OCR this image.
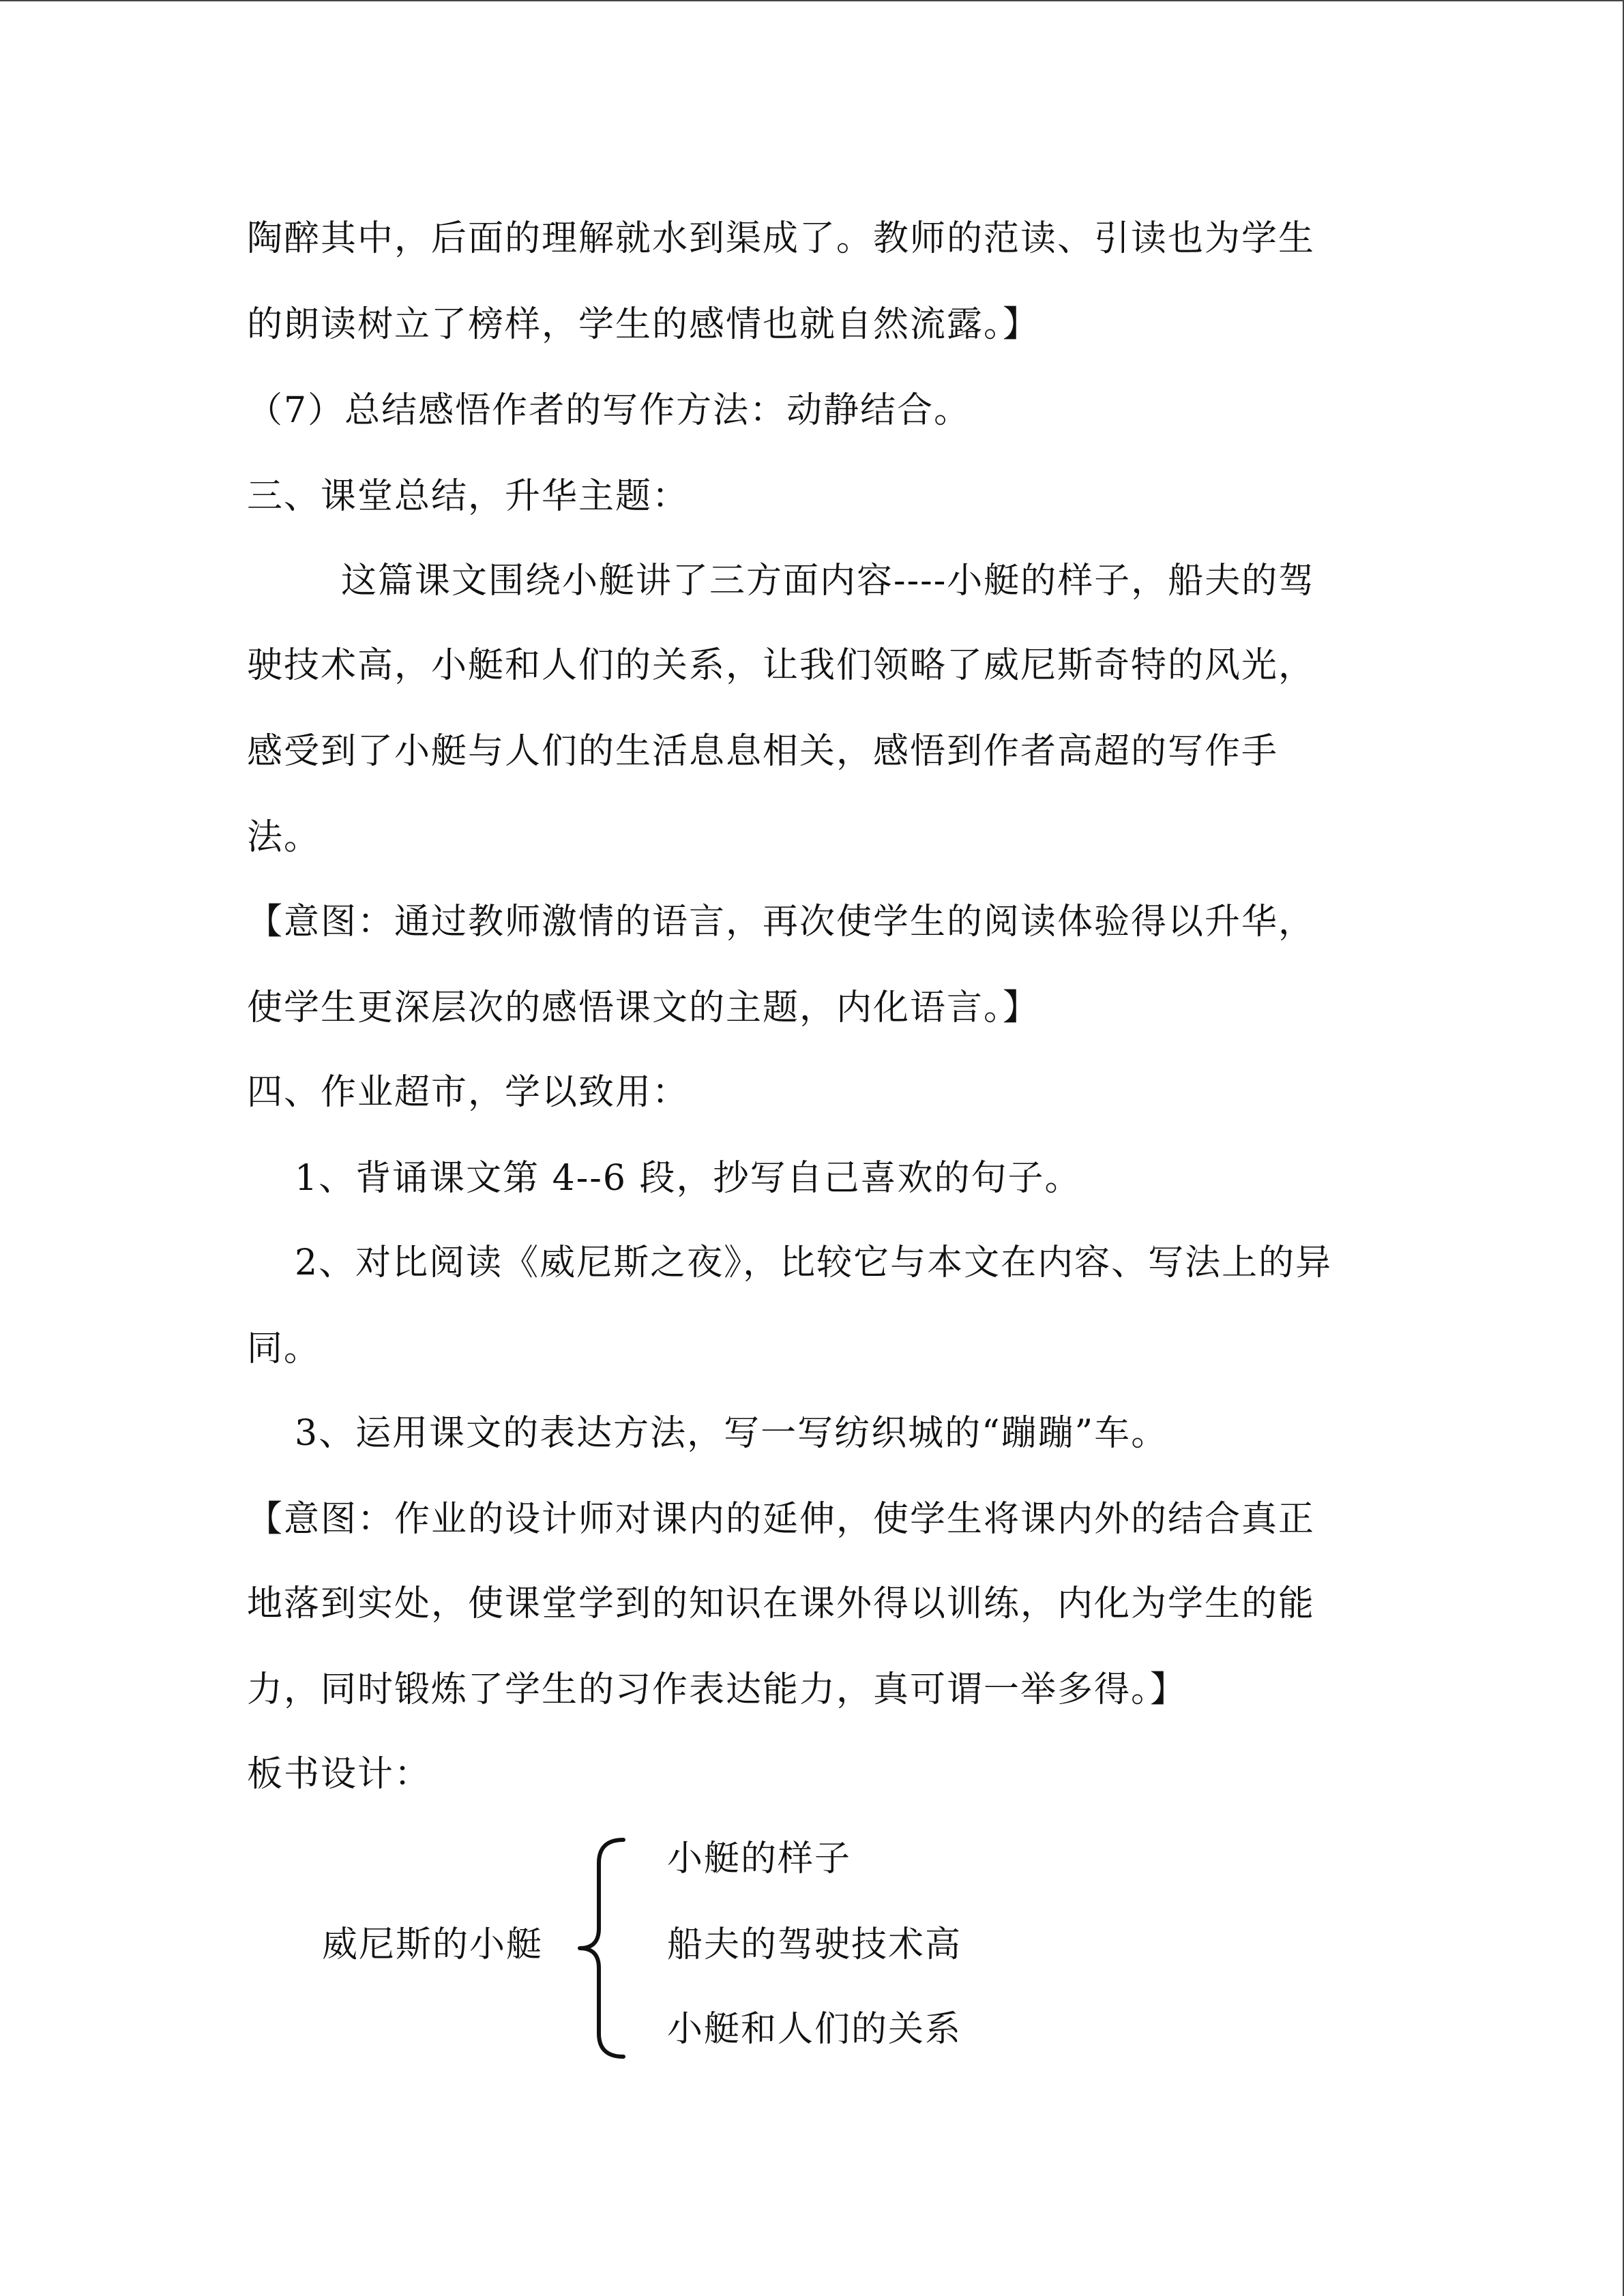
陶醉其中，后面的理解就水到渠成了。教师的范读、引读也为学生
的朗读树立了榜样，学生的感情也就自然流露。】
（7）总结感悟作者的写作方法：动静结合。
三、课堂总结，升华主题：
这篇课文围绕小艇讲了三方面内容----小艇的样子，船夫的驾
驶技术高，小艇和人们的关系，让我们领略了威尼斯奇特的风光，
感受到了小艇与人们的生活息息相关，感悟到作者高超的写作手
法。
【意图：通过教师激情的语言，再次使学生的阅读体验得以升华，
使学生更深层次的感悟课文的主题，内化语言。】
四、作业超市，学以致用：
1、背诵课文第 4--6 段，抄写自己喜欢的句子。
2、对比阅读《威尼斯之夜》，比较它与本文在内容、写法上的异
同。
3、运用课文的表达方法，写一写纺织城的“蹦蹦”车。
【意图：作业的设计师对课内的延伸，使学生将课内外的结合真正
地落到实处，使课堂学到的知识在课外得以训练，内化为学生的能
力，同时锻炼了学生的习作表达能力，真可谓一举多得。】
板书设计：
威尼斯的小艇
小艇的样子
船夫的驾驶技术高
小艇和人们的关系
